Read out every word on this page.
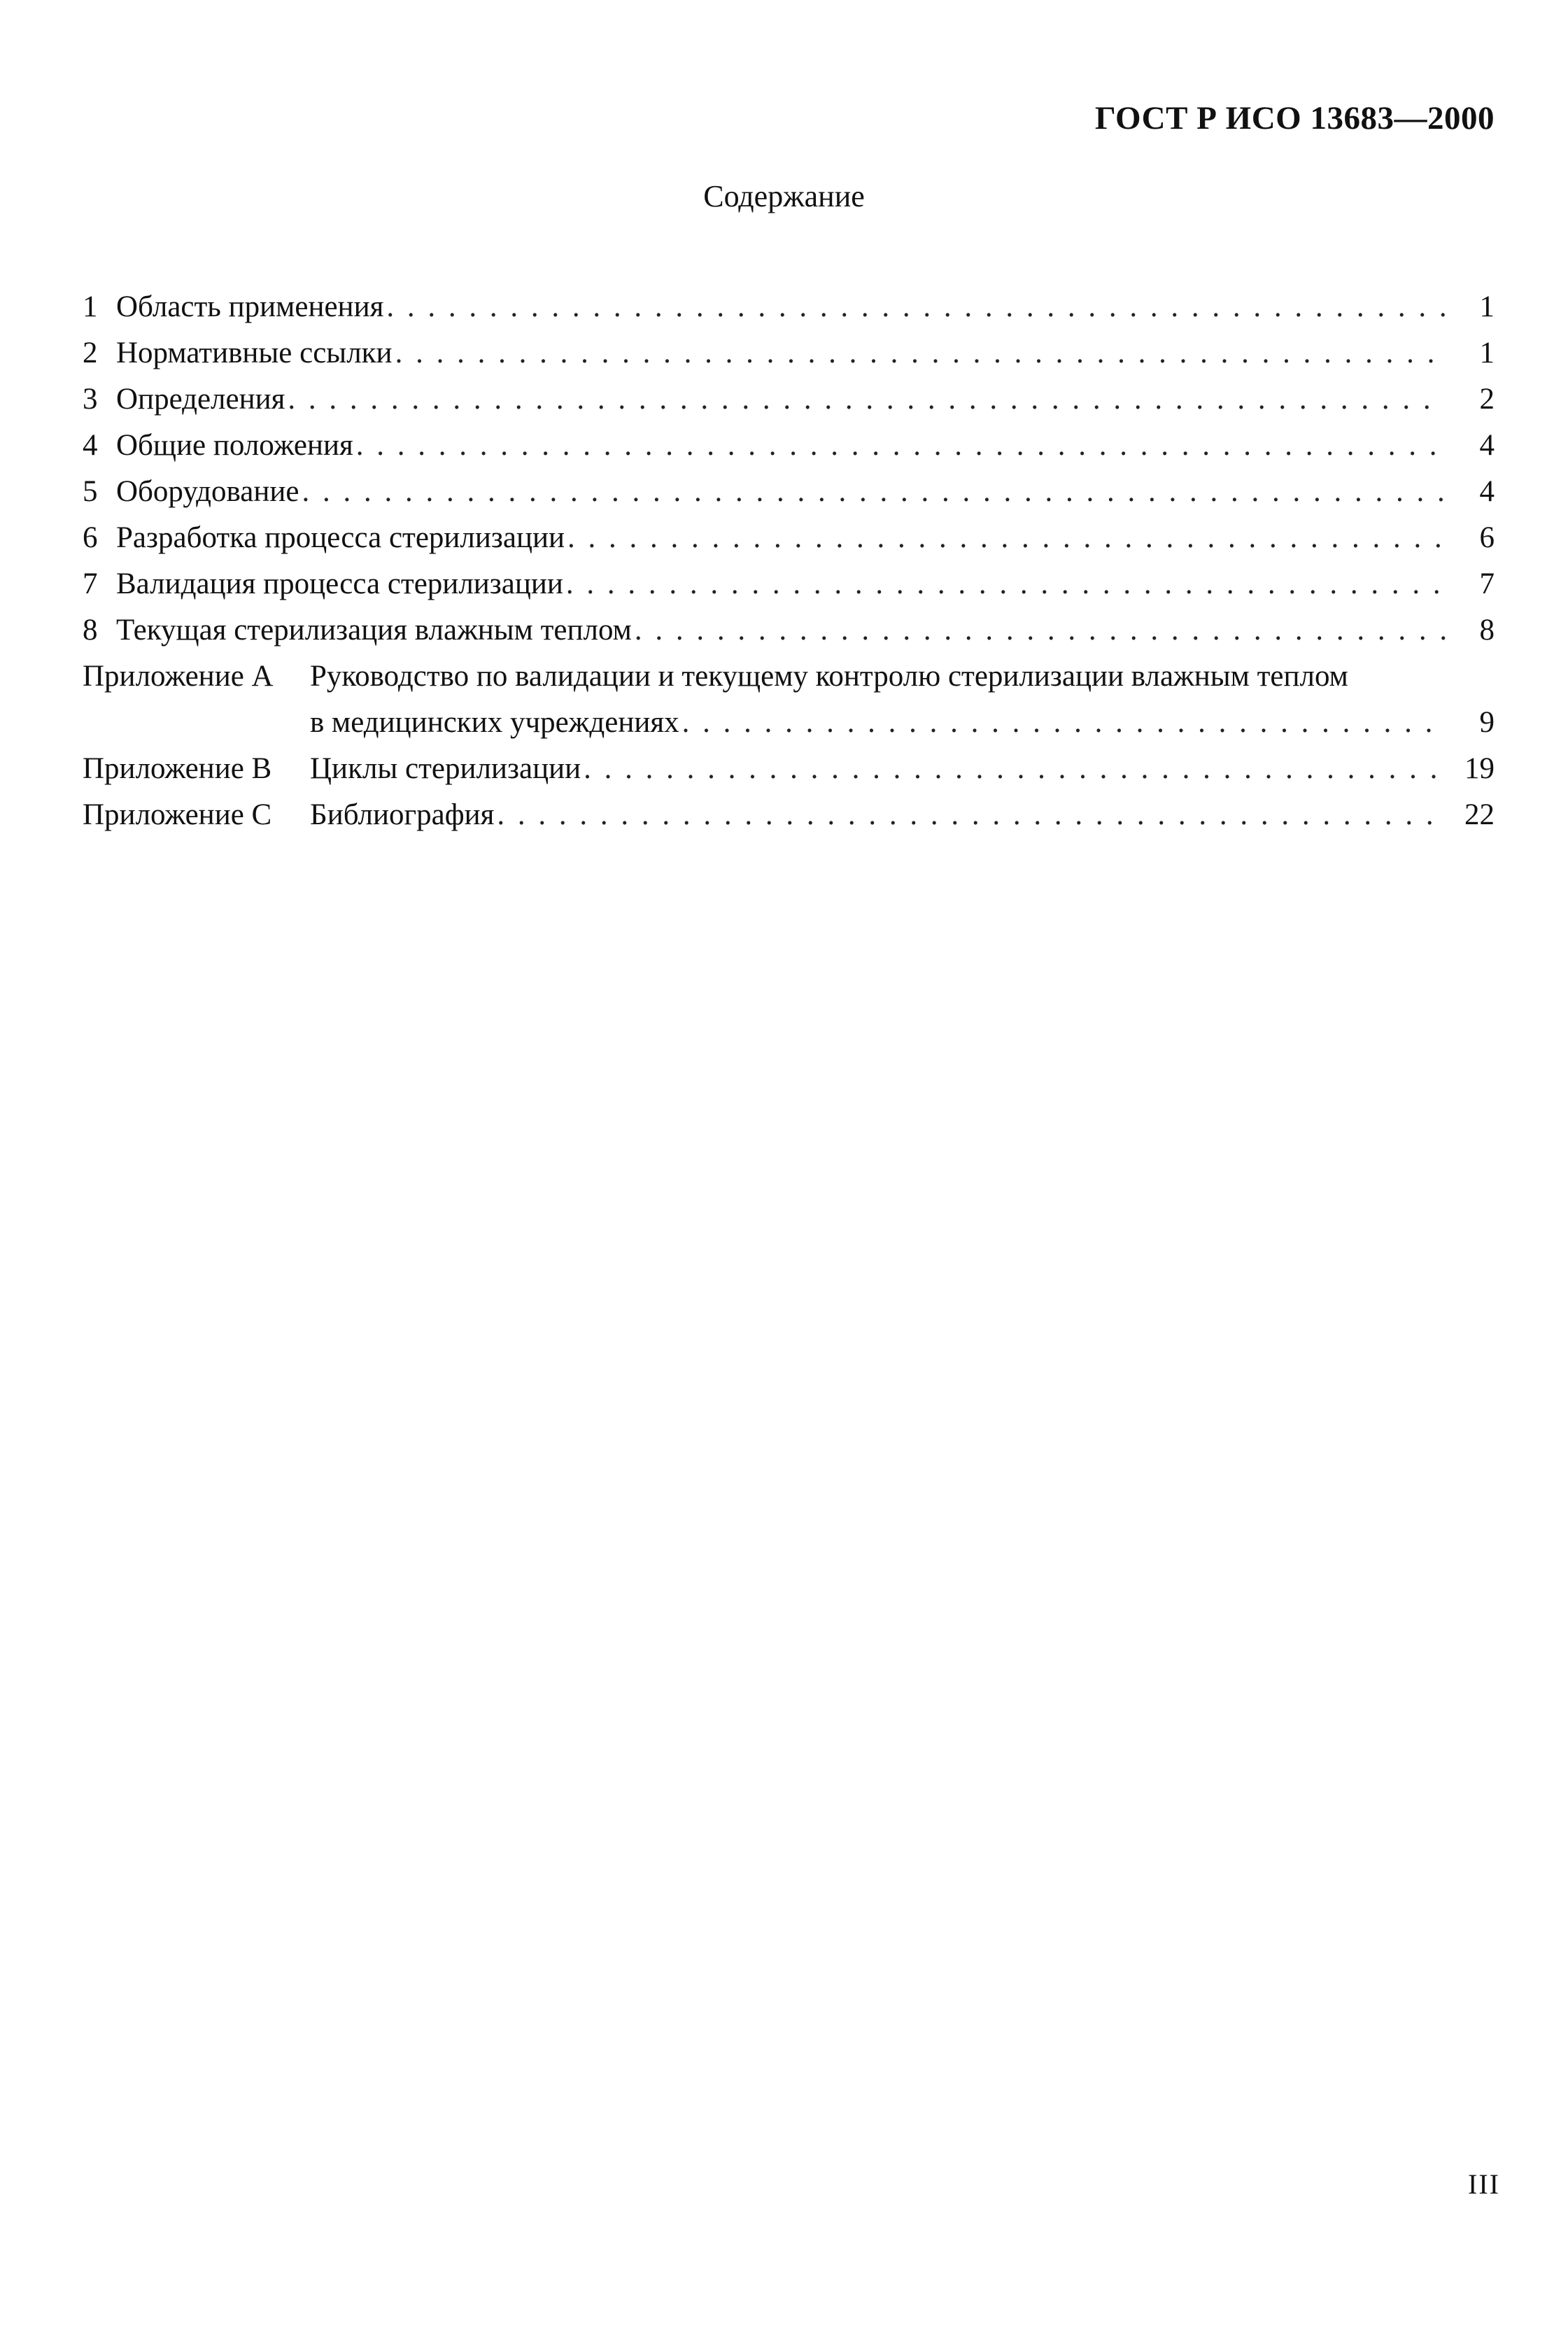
ГОСТ Р ИСО 13683—2000
Содержание
1 Область применения . . .	1
2 Нормативные ссылки . . .	1
3 Определения . . .	2
4 Общие положения . . .	4
5 Оборудование . . .	4
6 Разработка процесса стерилизации . . .	6
7 Валидация процесса стерилизации . . .	7
8 Текущая стерилизация влажным теплом . . .	8
Приложение А Руководство по валидации и текущему контролю стерилизации влажным теплом
в медицинских учреждениях . . .	9
Приложение В	Циклы стерилизации . . .	19
Приложение С	Библиография . . .	22
III
